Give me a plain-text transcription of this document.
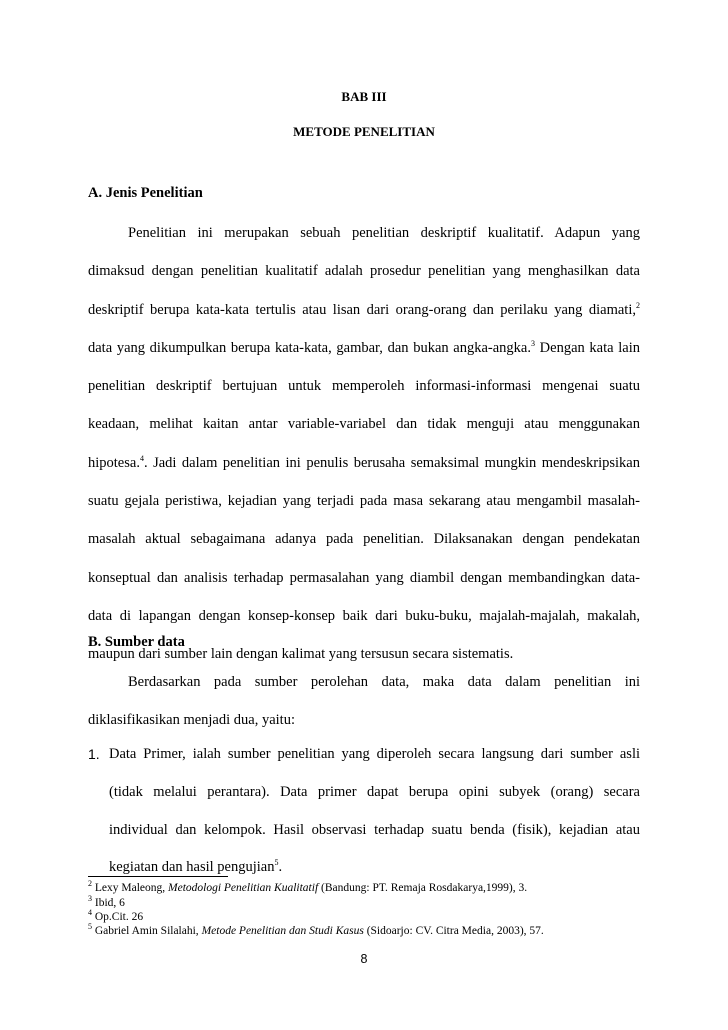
BAB III
METODE PENELITIAN
A. Jenis Penelitian
Penelitian ini merupakan sebuah penelitian deskriptif kualitatif. Adapun yang
dimaksud dengan penelitian kualitatif adalah prosedur penelitian yang menghasilkan data
deskriptif berupa kata-kata tertulis atau lisan dari orang-orang dan perilaku yang diamati,$^2$
data yang dikumpulkan berupa kata-kata, gambar, dan bukan angka-angka.$^3$ Dengan kata lain
penelitian deskriptif bertujuan untuk memperoleh informasi-informasi mengenai suatu
keadaan, melihat kaitan antar variable-variabel dan tidak menguji atau menggunakan
hipotesa.$^4$. Jadi dalam penelitian ini penulis berusaha semaksimal mungkin mendeskripsikan
suatu gejala peristiwa, kejadian yang terjadi pada masa sekarang atau mengambil masalah-
masalah aktual sebagaimana adanya pada penelitian. Dilaksanakan dengan pendekatan
konseptual dan analisis terhadap permasalahan yang diambil dengan membandingkan data-
data di lapangan dengan konsep-konsep baik dari buku-buku, majalah-majalah, makalah,
maupun dari sumber lain dengan kalimat yang tersusun secara sistematis.
B. Sumber data
Berdasarkan pada sumber perolehan data, maka data dalam penelitian ini
diklasifikasikan menjadi dua, yaitu:
1. Data Primer, ialah sumber penelitian yang diperoleh secara langsung dari sumber asli
(tidak melalui perantara). Data primer dapat berupa opini subyek (orang) secara
individual dan kelompok. Hasil observasi terhadap suatu benda (fisik), kejadian atau
kegiatan dan hasil pengujian$^5$.
$^2$ Lexy Maleong, Metodologi Penelitian Kualitatif (Bandung: PT. Remaja Rosdakarya,1999), 3.
$^3$ Ibid, 6
$^4$ Op.Cit. 26
$^5$ Gabriel Amin Silalahi, Metode Penelitian dan Studi Kasus (Sidoarjo: CV. Citra Media, 2003), 57.
8
